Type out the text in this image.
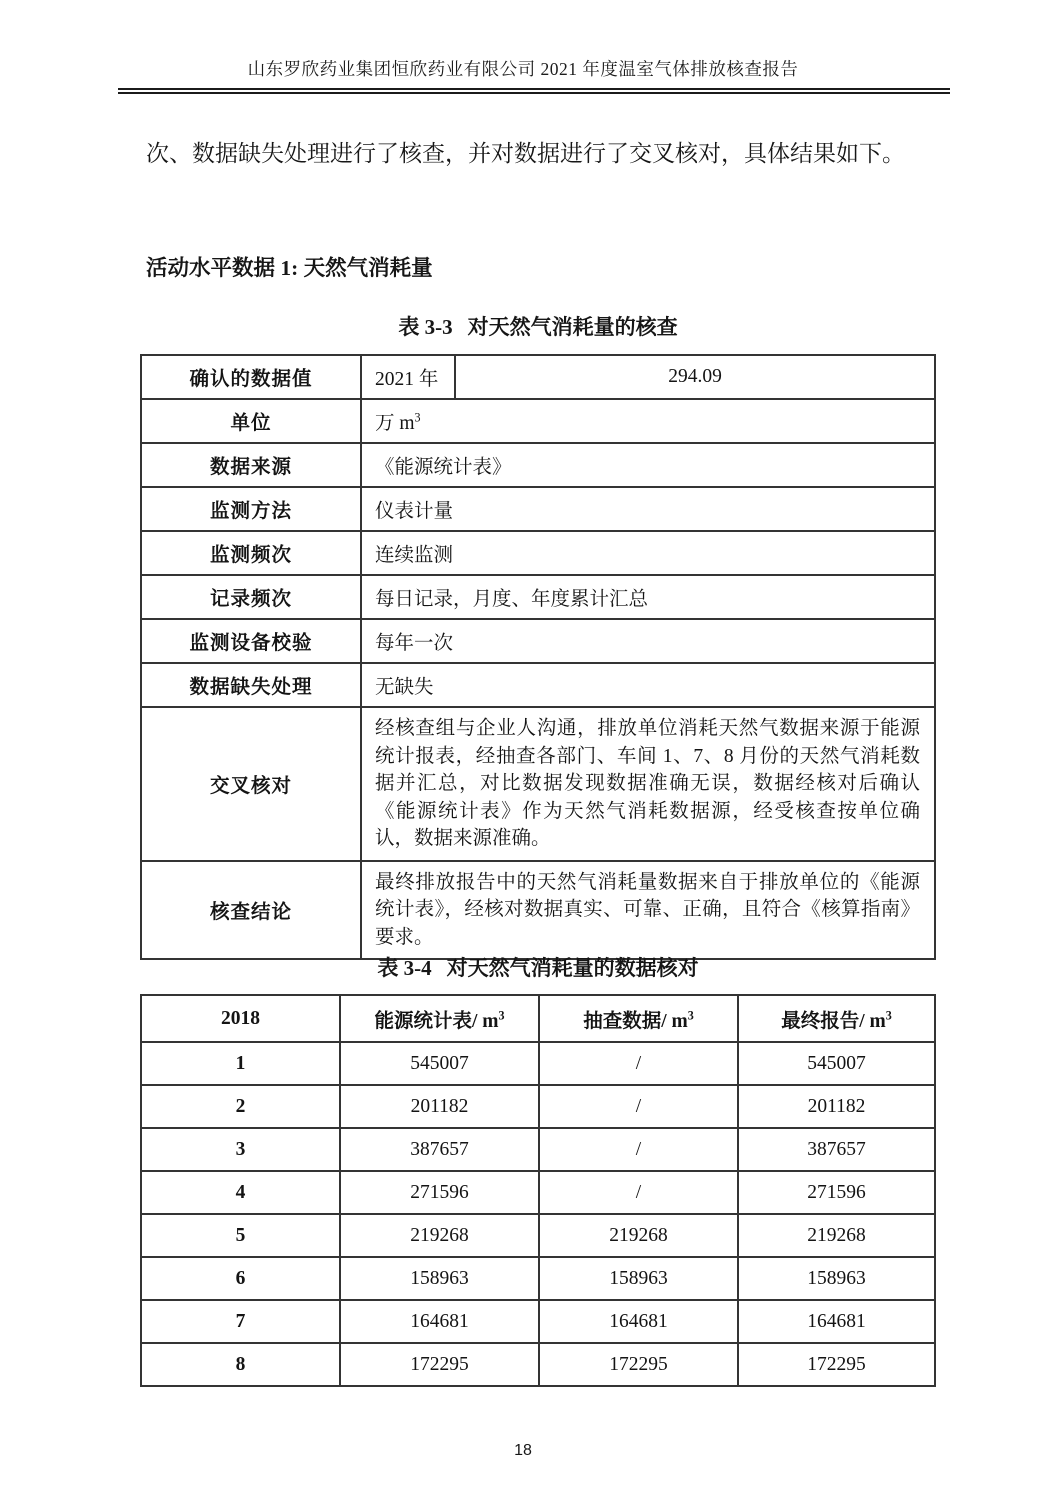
山东罗欣药业集团恒欣药业有限公司 2021 年度温室气体排放核查报告

次、数据缺失处理进行了核查，并对数据进行了交叉核对，具体结果如下。

活动水平数据 1: 天然气消耗量
表 3-3 对天然气消耗量的核查
确认的数据值	2021 年	294.09
单位	万 $m^3$
数据来源	《能源统计表》	
监测方法	仪表计量	
监测频次	连续监测	
记录频次	每日记录，月度、年度累计汇总	
监测设备校验	每年一次	
数据缺失处理	无缺失	
交叉核对	经核查组与企业人沟通，排放单位消耗天然气数据来源于能源统计报表，经抽查各部门、车间 1、7、8 月份的天然气消耗数据并汇总，对比数据发现数据准确无误，数据经核对后确认《能源统计表》作为天然气消耗数据源，经受核查按单位确认，数据来源准确。	
核查结论	最终排放报告中的天然气消耗量数据来自于排放单位的《能源统计表》，经核对数据真实、可靠、正确，且符合《核算指南》要求。	
表 3-4 对天然气消耗量的数据核对
2018	能源统计表/ $m^3$	抽查数据/ $m^3$	最终报告/ $m^3$
1	545007	/	545007
2	201182	/	201182
3	387657	/	387657
4	271596	/	271596
5	219268	219268	219268
6	158963	158963	158963
7	164681	164681	164681
8	172295	172295	172295
18
